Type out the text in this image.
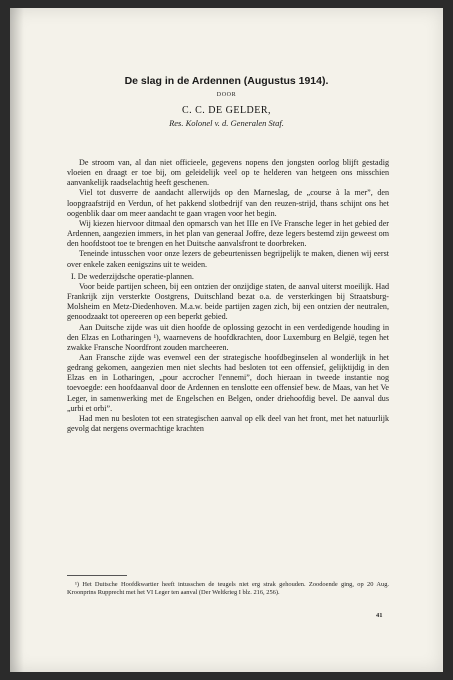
De slag in de Ardennen (Augustus 1914).
DOOR
C. C. DE GELDER,
Res. Kolonel v. d. Generalen Staf.

De stroom van, al dan niet officieele, gegevens nopens den jongsten oorlog blijft gestadig vloeien en draagt er toe bij, om geleidelijk veel op te helderen van hetgeen ons misschien aanvankelijk raadselachtig heeft geschenen.

Viel tot dusverre de aandacht allerwijds op den Marneslag, de „course à la mer”, den loopgraafstrijd en Verdun, of het pakkend slotbedrijf van den reuzen-strijd, thans schijnt ons het oogenblik daar om meer aandacht te gaan vragen voor het begin.

Wij kiezen hiervoor ditmaal den opmarsch van het IIIe en IVe Fransche leger in het gebied der Ardennen, aangezien immers, in het plan van generaal Joffre, deze legers bestemd zijn geweest om den hoofdstoot toe te brengen en het Duitsche aanvalsfront te doorbreken.

Teneinde intusschen voor onze lezers de gebeurtenissen begrijpelijk te maken, dienen wij eerst over enkele zaken eenigszins uit te weiden.

I. De wederzijdsche operatie-plannen.

Voor beide partijen scheen, bij een ontzien der onzijdige staten, de aanval uiterst moeilijk. Had Frankrijk zijn versterkte Oostgrens, Duitschland bezat o.a. de versterkingen bij Straatsburg-Molsheim en Metz-Diedenhoven. M.a.w. beide partijen zagen zich, bij een ontzien der neutralen, genoodzaakt tot opereeren op een beperkt gebied.

Aan Duitsche zijde was uit dien hoofde de oplossing gezocht in een verdedigende houding in den Elzas en Lotharingen ¹), waarnevens de hoofdkrachten, door Luxemburg en België, tegen het zwakke Fransche Noordfront zouden marcheeren.

Aan Fransche zijde was evenwel een der strategische hoofdbeginselen al wonderlijk in het gedrang gekomen, aangezien men niet slechts had besloten tot een offensief, gelijktijdig in den Elzas en in Lotharingen, „pour accrocher l'ennemi”, doch hieraan in tweede instantie nog toevoegde: een hoofdaanval door de Ardennen en tenslotte een offensief bew. de Maas, van het Ve Leger, in samenwerking met de Engelschen en Belgen, onder driehoofdig bevel. De aanval dus „urbi et orbi”.

Had men nu besloten tot een strategischen aanval op elk deel van het front, met het natuurlijk gevolg dat nergens overmachtige krachten

¹) Het Duitsche Hoofdkwartier heeft intusschen de teugels niet erg strak gehouden. Zoodoende ging, op 20 Aug. Kroonprins Rupprecht met het VI Leger ten aanval (Der Weltkrieg I blz. 216, 256).
41
